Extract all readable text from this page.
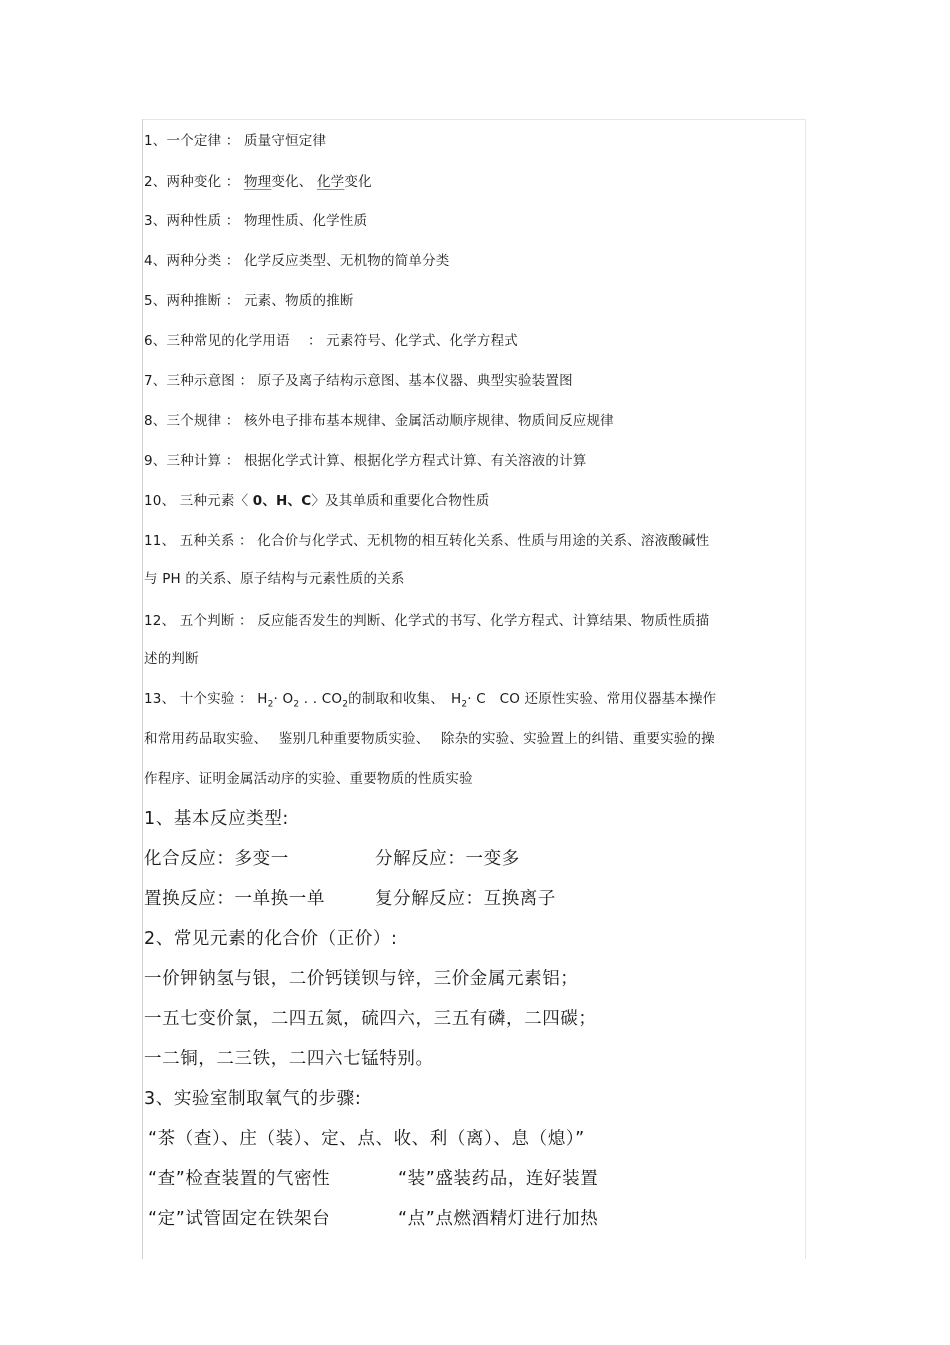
1、一个定律 ： 质量守恒定律
2、两种变化 ： 物理变化、 化学变化
3、两种性质 ： 物理性质、化学性质
4、两种分类 ： 化学反应类型、无机物的简单分类
5、两种推断 ： 元素、物质的推断
6、三种常见的化学用语　 ： 元素符号、化学式、化学方程式
7、三种示意图 ： 原子及离子结构示意图、基本仪器、典型实验装置图
8、三个规律 ： 核外电子排布基本规律、金属活动顺序规律、物质间反应规律
9、三种计算 ： 根据化学式计算、根据化学方程式计算、有关溶液的计算
10、 三种元素〈 0、H、C〉及其单质和重要化合物性质
11、 五种关系 ： 化合价与化学式、无机物的相互转化关系、性质与用途的关系、溶液酸碱性
与 PH 的关系、原子结构与元素性质的关系
12、 五个判断 ： 反应能否发生的判断、化学式的书写、化学方程式、计算结果、物质性质描
述的判断
13、 十个实验 ： $H_2\cdot O_2$ . . $CO_2$的制取和收集、　$H_2\cdot C$　CO 还原性实验、常用仪器基本操作
和常用药品取实验、　 鉴别几种重要物质实验、　 除杂的实验、实验置上的纠错、重要实验的操
作程序、证明金属活动序的实验、重要物质的性质实验
1、基本反应类型:
化合反应：多变一	分解反应：一变多
置换反应：一单换一单	复分解反应：互换离子
2、常见元素的化合价（正价）:
一价钾钠氢与银，二价钙镁钡与锌，三价金属元素铝；
一五七变价氯，二四五氮，硫四六，三五有磷，二四碳；
一二铜，二三铁，二四六七锰特别。
3、实验室制取氧气的步骤:
“茶（查）、庄（装）、定、点、收、利（离）、息（熄）”
“查”检查装置的气密性	“装”盛装药品，连好装置
“定”试管固定在铁架台	“点”点燃酒精灯进行加热
